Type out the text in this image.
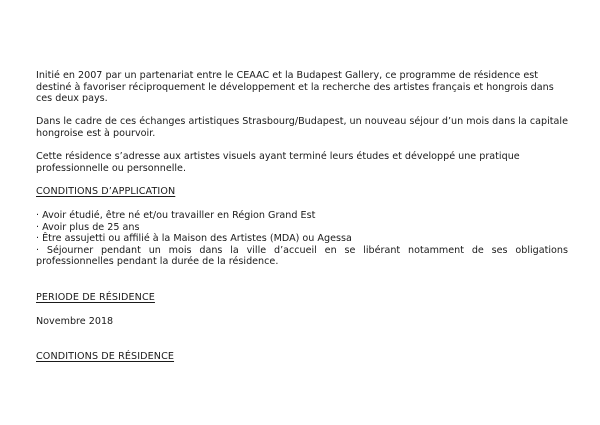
Initié en 2007 par un partenariat entre le CEAAC et la Budapest Gallery, ce programme de résidence est destiné à favoriser réciproquement le développement et la recherche des artistes français et hongrois dans ces deux pays.

Dans le cadre de ces échanges artistiques Strasbourg/Budapest, un nouveau séjour d’un mois dans la capitale hongroise est à pourvoir.

Cette résidence s’adresse aux artistes visuels ayant terminé leurs études et développé une pratique professionnelle ou personnelle.

CONDITIONS D’APPLICATION

· Avoir étudié, être né et/ou travailler en Région Grand Est
· Avoir plus de 25 ans
· Être assujetti ou affilié à la Maison des Artistes (MDA) ou Agessa
· Séjourner pendant un mois dans la ville d’accueil en se libérant notamment de ses obligations professionnelles pendant la durée de la résidence.

PERIODE DE RÉSIDENCE

Novembre 2018

CONDITIONS DE RÉSIDENCE
